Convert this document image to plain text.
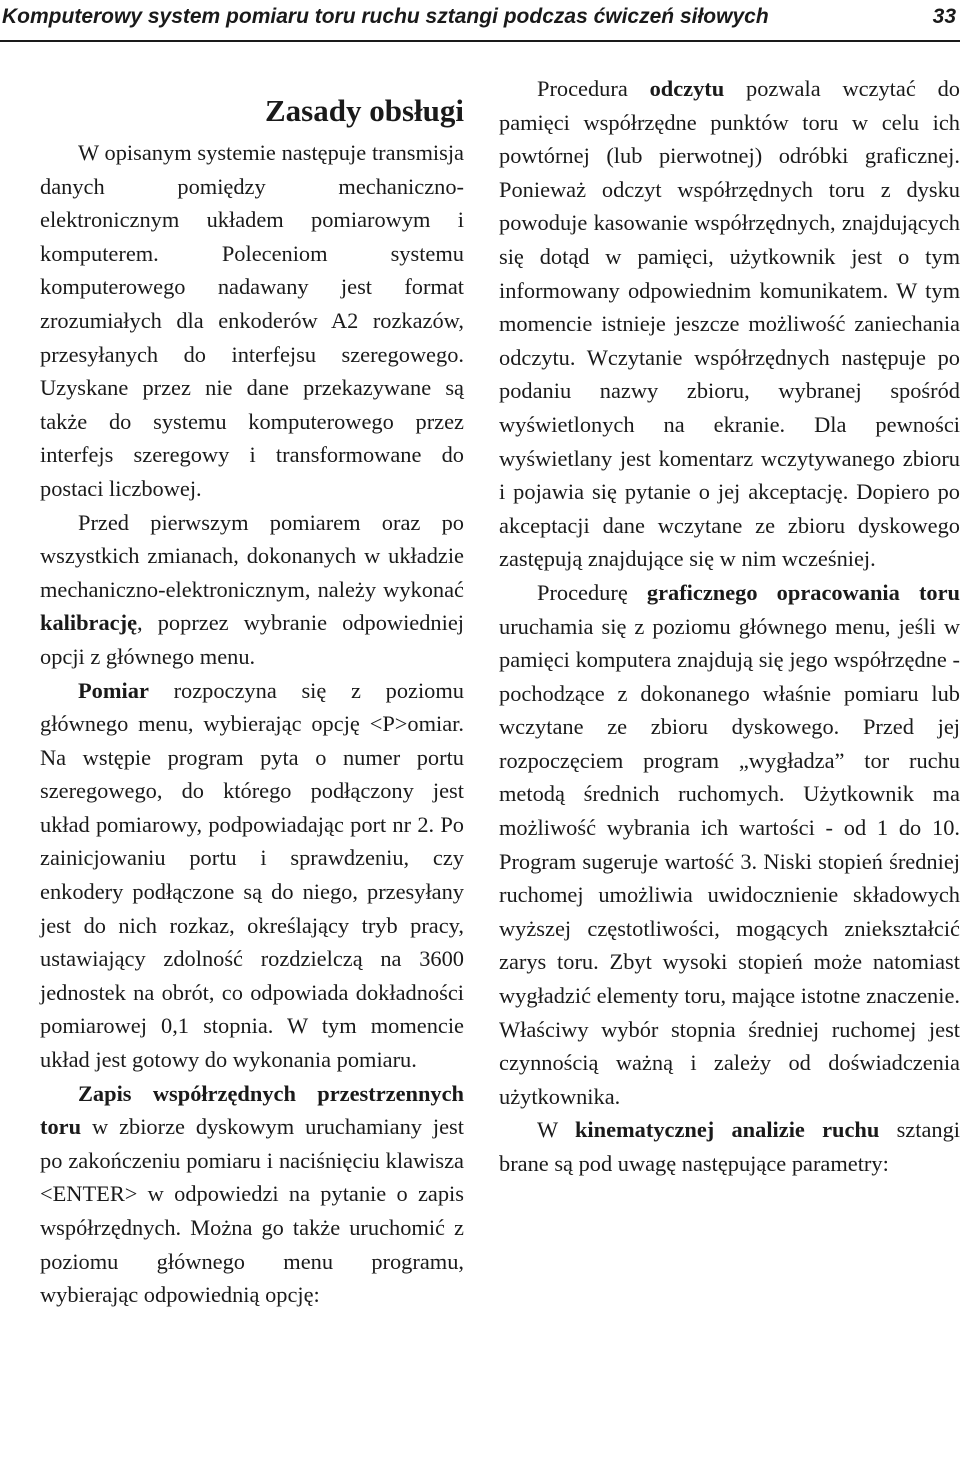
Komputerowy system pomiaru toru ruchu sztangi podczas ćwiczeń siłowych	33
Zasady obsługi

W opisanym systemie następuje transmisja danych pomiędzy mechaniczno-elektronicznym układem pomiarowym i komputerem. Poleceniom systemu komputerowego nadawany jest format zrozumiałych dla enkoderów A2 rozkazów, przesyłanych do interfejsu szeregowego. Uzyskane przez nie dane przekazywane są także do systemu komputerowego przez interfejs szeregowy i transformowane do postaci liczbowej.

Przed pierwszym pomiarem oraz po wszystkich zmianach, dokonanych w układzie mechaniczno-elektronicznym, należy wykonać kalibrację, poprzez wybranie odpowiedniej opcji z głównego menu.

Pomiar rozpoczyna się z poziomu głównego menu, wybierając opcję <P>omiar. Na wstępie program pyta o numer portu szeregowego, do którego podłączony jest układ pomiarowy, podpowiadając port nr 2. Po zainicjowaniu portu i sprawdzeniu, czy enkodery podłączone są do niego, przesyłany jest do nich rozkaz, określający tryb pracy, ustawiający zdolność rozdzielczą na 3600 jednostek na obrót, co odpowiada dokładności pomiarowej 0,1 stopnia. W tym momencie układ jest gotowy do wykonania pomiaru.

Zapis współrzędnych przestrzennych toru w zbiorze dyskowym uruchamiany jest po zakończeniu pomiaru i naciśnięciu klawisza <ENTER> w odpowiedzi na pytanie o zapis współrzędnych. Można go także uruchomić z poziomu głównego menu programu, wybierając odpowiednią opcję:

Procedura odczytu pozwala wczytać do pamięci współrzędne punktów toru w celu ich powtórnej (lub pierwotnej) odróbki graficznej. Ponieważ odczyt współrzędnych toru z dysku powoduje kasowanie współrzędnych, znajdujących się dotąd w pamięci, użytkownik jest o tym informowany odpowiednim komunikatem. W tym momencie istnieje jeszcze możliwość zaniechania odczytu. Wczytanie współrzędnych następuje po podaniu nazwy zbioru, wybranej spośród wyświetlonych na ekranie. Dla pewności wyświetlany jest komentarz wczytywanego zbioru i pojawia się pytanie o jej akceptację. Dopiero po akceptacji dane wczytane ze zbioru dyskowego zastępują znajdujące się w nim wcześniej.

Procedurę graficznego opracowania toru uruchamia się z poziomu głównego menu, jeśli w pamięci komputera znajdują się jego współrzędne - pochodzące z dokonanego właśnie pomiaru lub wczytane ze zbioru dyskowego. Przed jej rozpoczęciem program „wygładza” tor ruchu metodą średnich ruchomych. Użytkownik ma możliwość wybrania ich wartości - od 1 do 10. Program sugeruje wartość 3. Niski stopień średniej ruchomej umożliwia uwidocznienie składowych wyższej częstotliwości, mogących zniekształcić zarys toru. Zbyt wysoki stopień może natomiast wygładzić elementy toru, mające istotne znaczenie. Właściwy wybór stopnia średniej ruchomej jest czynnością ważną i zależy od doświadczenia użytkownika.

W kinematycznej analizie ruchu sztangi brane są pod uwagę następujące parametry:
